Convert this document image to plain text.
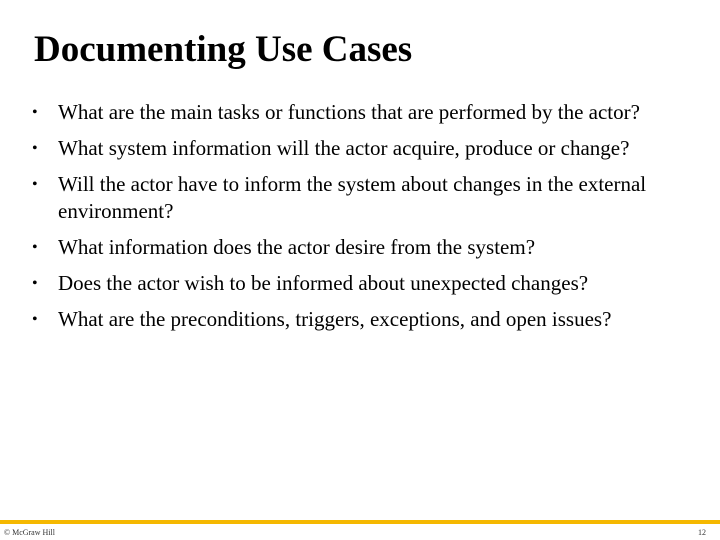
Documenting Use Cases
• What are the main tasks or functions that are performed by the actor?
• What system information will the actor acquire, produce or change?
• Will the actor have to inform the system about changes in the external environment?
• What information does the actor desire from the system?
• Does the actor wish to be informed about unexpected changes?
• What are the preconditions, triggers, exceptions, and open issues?
© McGraw Hill	12
